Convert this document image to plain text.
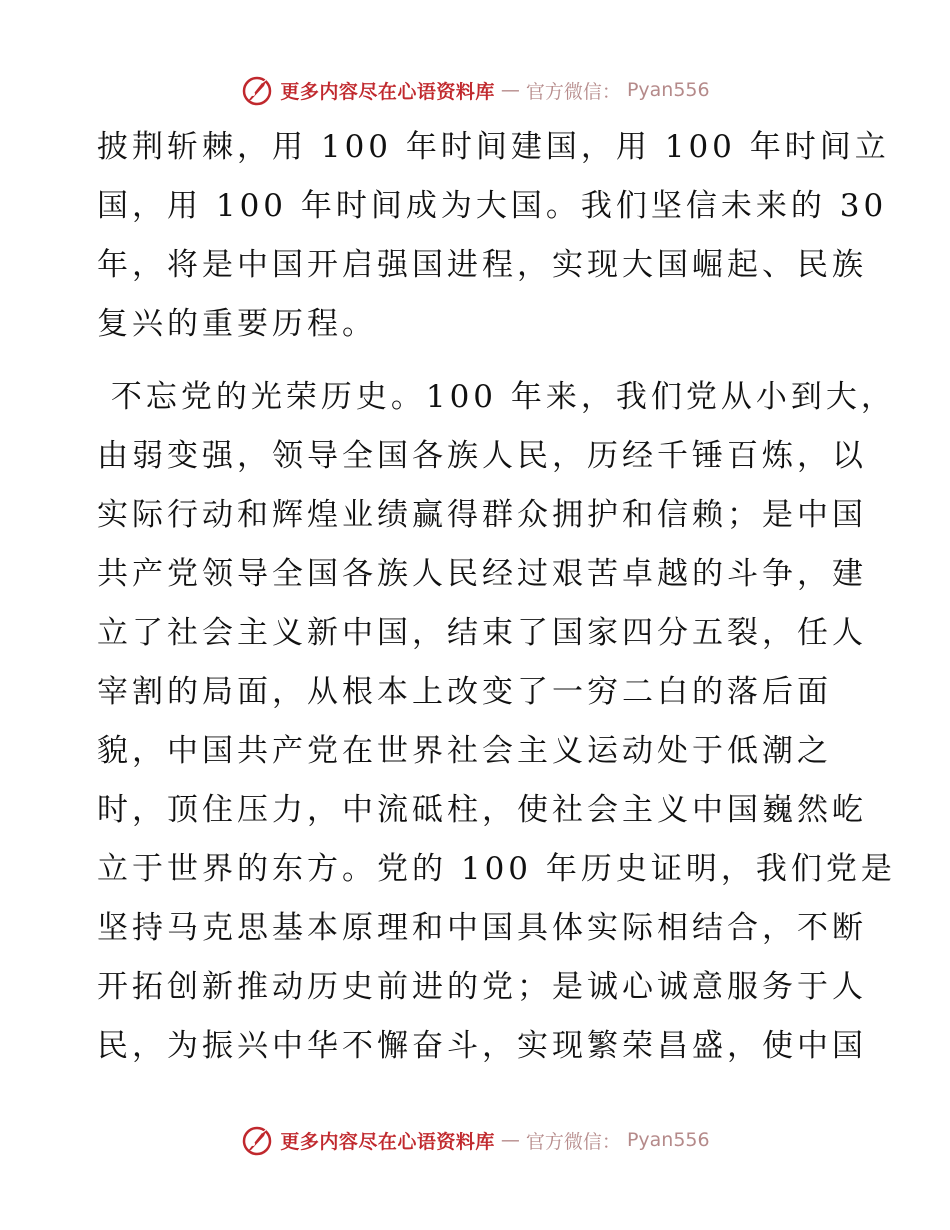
更多内容尽在心语资料库 — 官方微信： Pyan556
披荆斩棘，用 100 年时间建国，用 100 年时间立
国，用 100 年时间成为大国。我们坚信未来的 30
年，将是中国开启强国进程，实现大国崛起、民族
复兴的重要历程。
不忘党的光荣历史。100 年来，我们党从小到大，
由弱变强，领导全国各族人民，历经千锤百炼，以
实际行动和辉煌业绩赢得群众拥护和信赖；是中国
共产党领导全国各族人民经过艰苦卓越的斗争，建
立了社会主义新中国，结束了国家四分五裂，任人
宰割的局面，从根本上改变了一穷二白的落后面
貌，中国共产党在世界社会主义运动处于低潮之
时，顶住压力，中流砥柱，使社会主义中国巍然屹
立于世界的东方。党的 100 年历史证明，我们党是
坚持马克思基本原理和中国具体实际相结合，不断
开拓创新推动历史前进的党；是诚心诚意服务于人
民，为振兴中华不懈奋斗，实现繁荣昌盛，使中国
更多内容尽在心语资料库 — 官方微信： Pyan556
